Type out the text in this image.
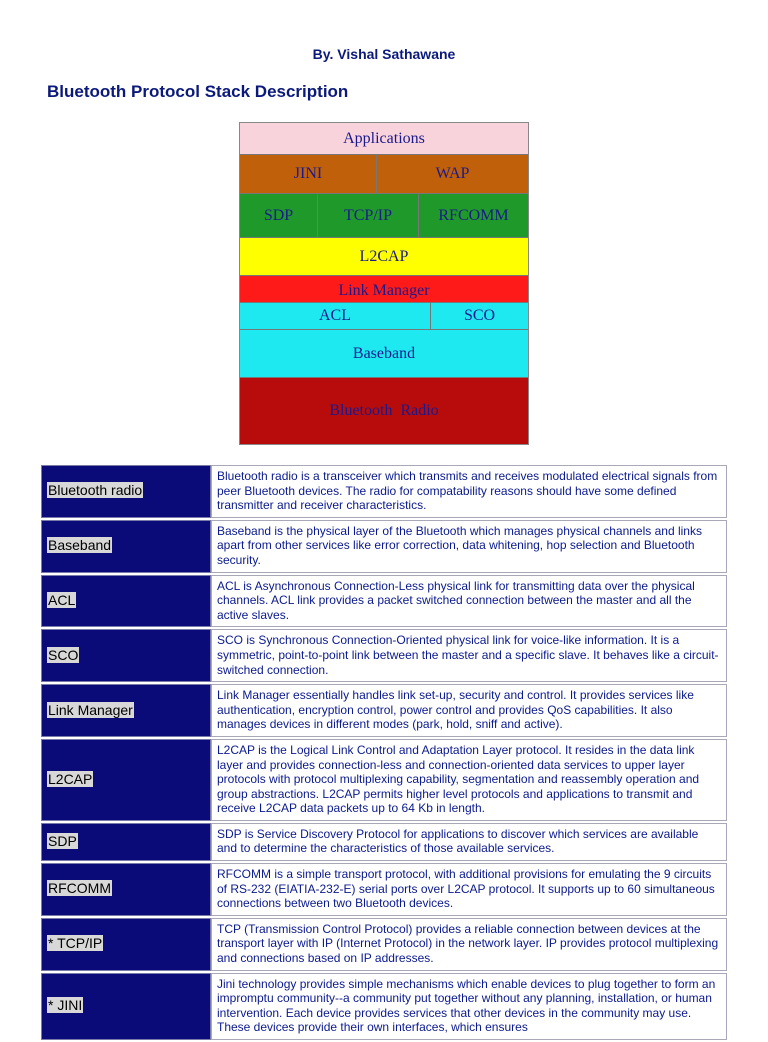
By. Vishal Sathawane
Bluetooth Protocol Stack Description
Applications
JINI	WAP
SDP	TCP/IP	RFCOMM
L2CAP
Link Manager
ACL	SCO
Baseband
Bluetooth  Radio
Bluetooth radio	Bluetooth radio is a transceiver which transmits and receives modulated electrical signals from peer Bluetooth devices. The radio for compatability reasons should have some defined transmitter and receiver characteristics.
Baseband	Baseband is the physical layer of the Bluetooth which manages physical channels and links apart from other services like error correction, data whitening, hop selection and Bluetooth security.
ACL	ACL is Asynchronous Connection-Less physical link for transmitting data over the physical channels. ACL link provides a packet switched connection between the master and all the active slaves.
SCO	SCO is Synchronous Connection-Oriented physical link for voice-like information. It is a symmetric, point-to-point link between the master and a specific slave. It behaves like a circuit-switched connection.
Link Manager	Link Manager essentially handles link set-up, security and control. It provides services like authentication, encryption control, power control and provides QoS capabilities. It also manages devices in different modes (park, hold, sniff and active).
L2CAP	L2CAP is the Logical Link Control and Adaptation Layer protocol. It resides in the data link layer and provides connection-less and connection-oriented data services to upper layer protocols with protocol multiplexing capability, segmentation and reassembly operation and group abstractions. L2CAP permits higher level protocols and applications to transmit and receive L2CAP data packets up to 64 Kb in length.
SDP	SDP is Service Discovery Protocol for applications to discover which services are available and to determine the characteristics of those available services.
RFCOMM	RFCOMM is a simple transport protocol, with additional provisions for emulating the 9 circuits of RS-232 (EIATIA-232-E) serial ports over L2CAP protocol. It supports up to 60 simultaneous connections between two Bluetooth devices.
* TCP/IP	TCP (Transmission Control Protocol) provides a reliable connection between devices at the transport layer with IP (Internet Protocol) in the network layer. IP provides protocol multiplexing and connections based on IP addresses.
* JINI	Jini technology provides simple mechanisms which enable devices to plug together to form an impromptu community--a community put together without any planning, installation, or human intervention. Each device provides services that other devices in the community may use. These devices provide their own interfaces, which ensures
